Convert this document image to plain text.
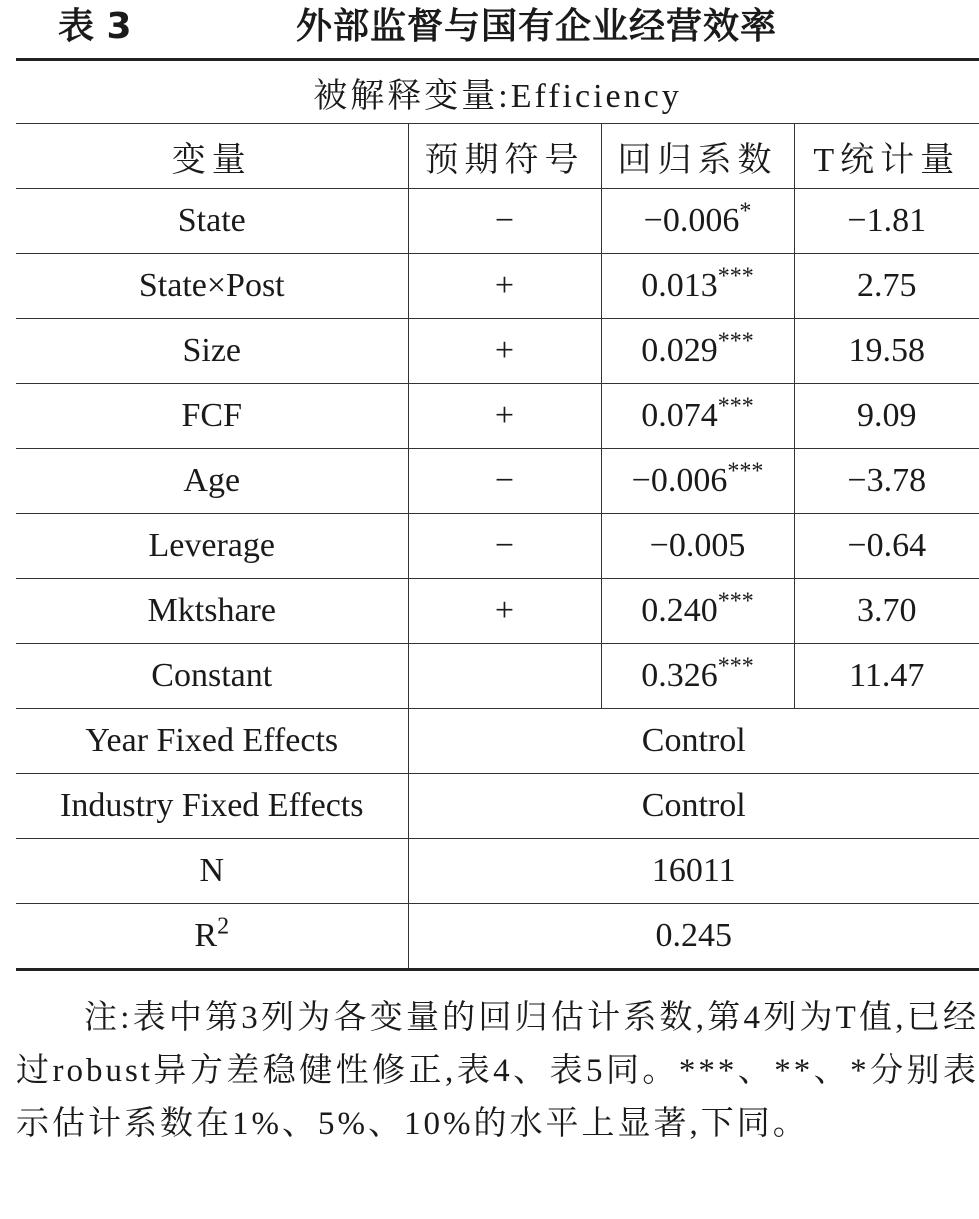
表 3	外部监督与国有企业经营效率
被解释变量:Efficiency
变量	预期符号	回归系数	T统计量
State	−	−0.006*	−1.81
State×Post	+	0.013***	2.75
Size	+	0.029***	19.58
FCF	+	0.074***	9.09
Age	−	−0.006***	−3.78
Leverage	−	−0.005	−0.64
Mktshare	+	0.240***	3.70
Constant		0.326***	11.47
Year Fixed Effects	Control		
Industry Fixed Effects	Control		
N	16011		
$R^2$	0.245		

注:表中第3列为各变量的回归估计系数,第4列为T值,已经过robust异方差稳健性修正,表4、表5同。***、**、*分别表示估计系数在1%、5%、10%的水平上显著,下同。
